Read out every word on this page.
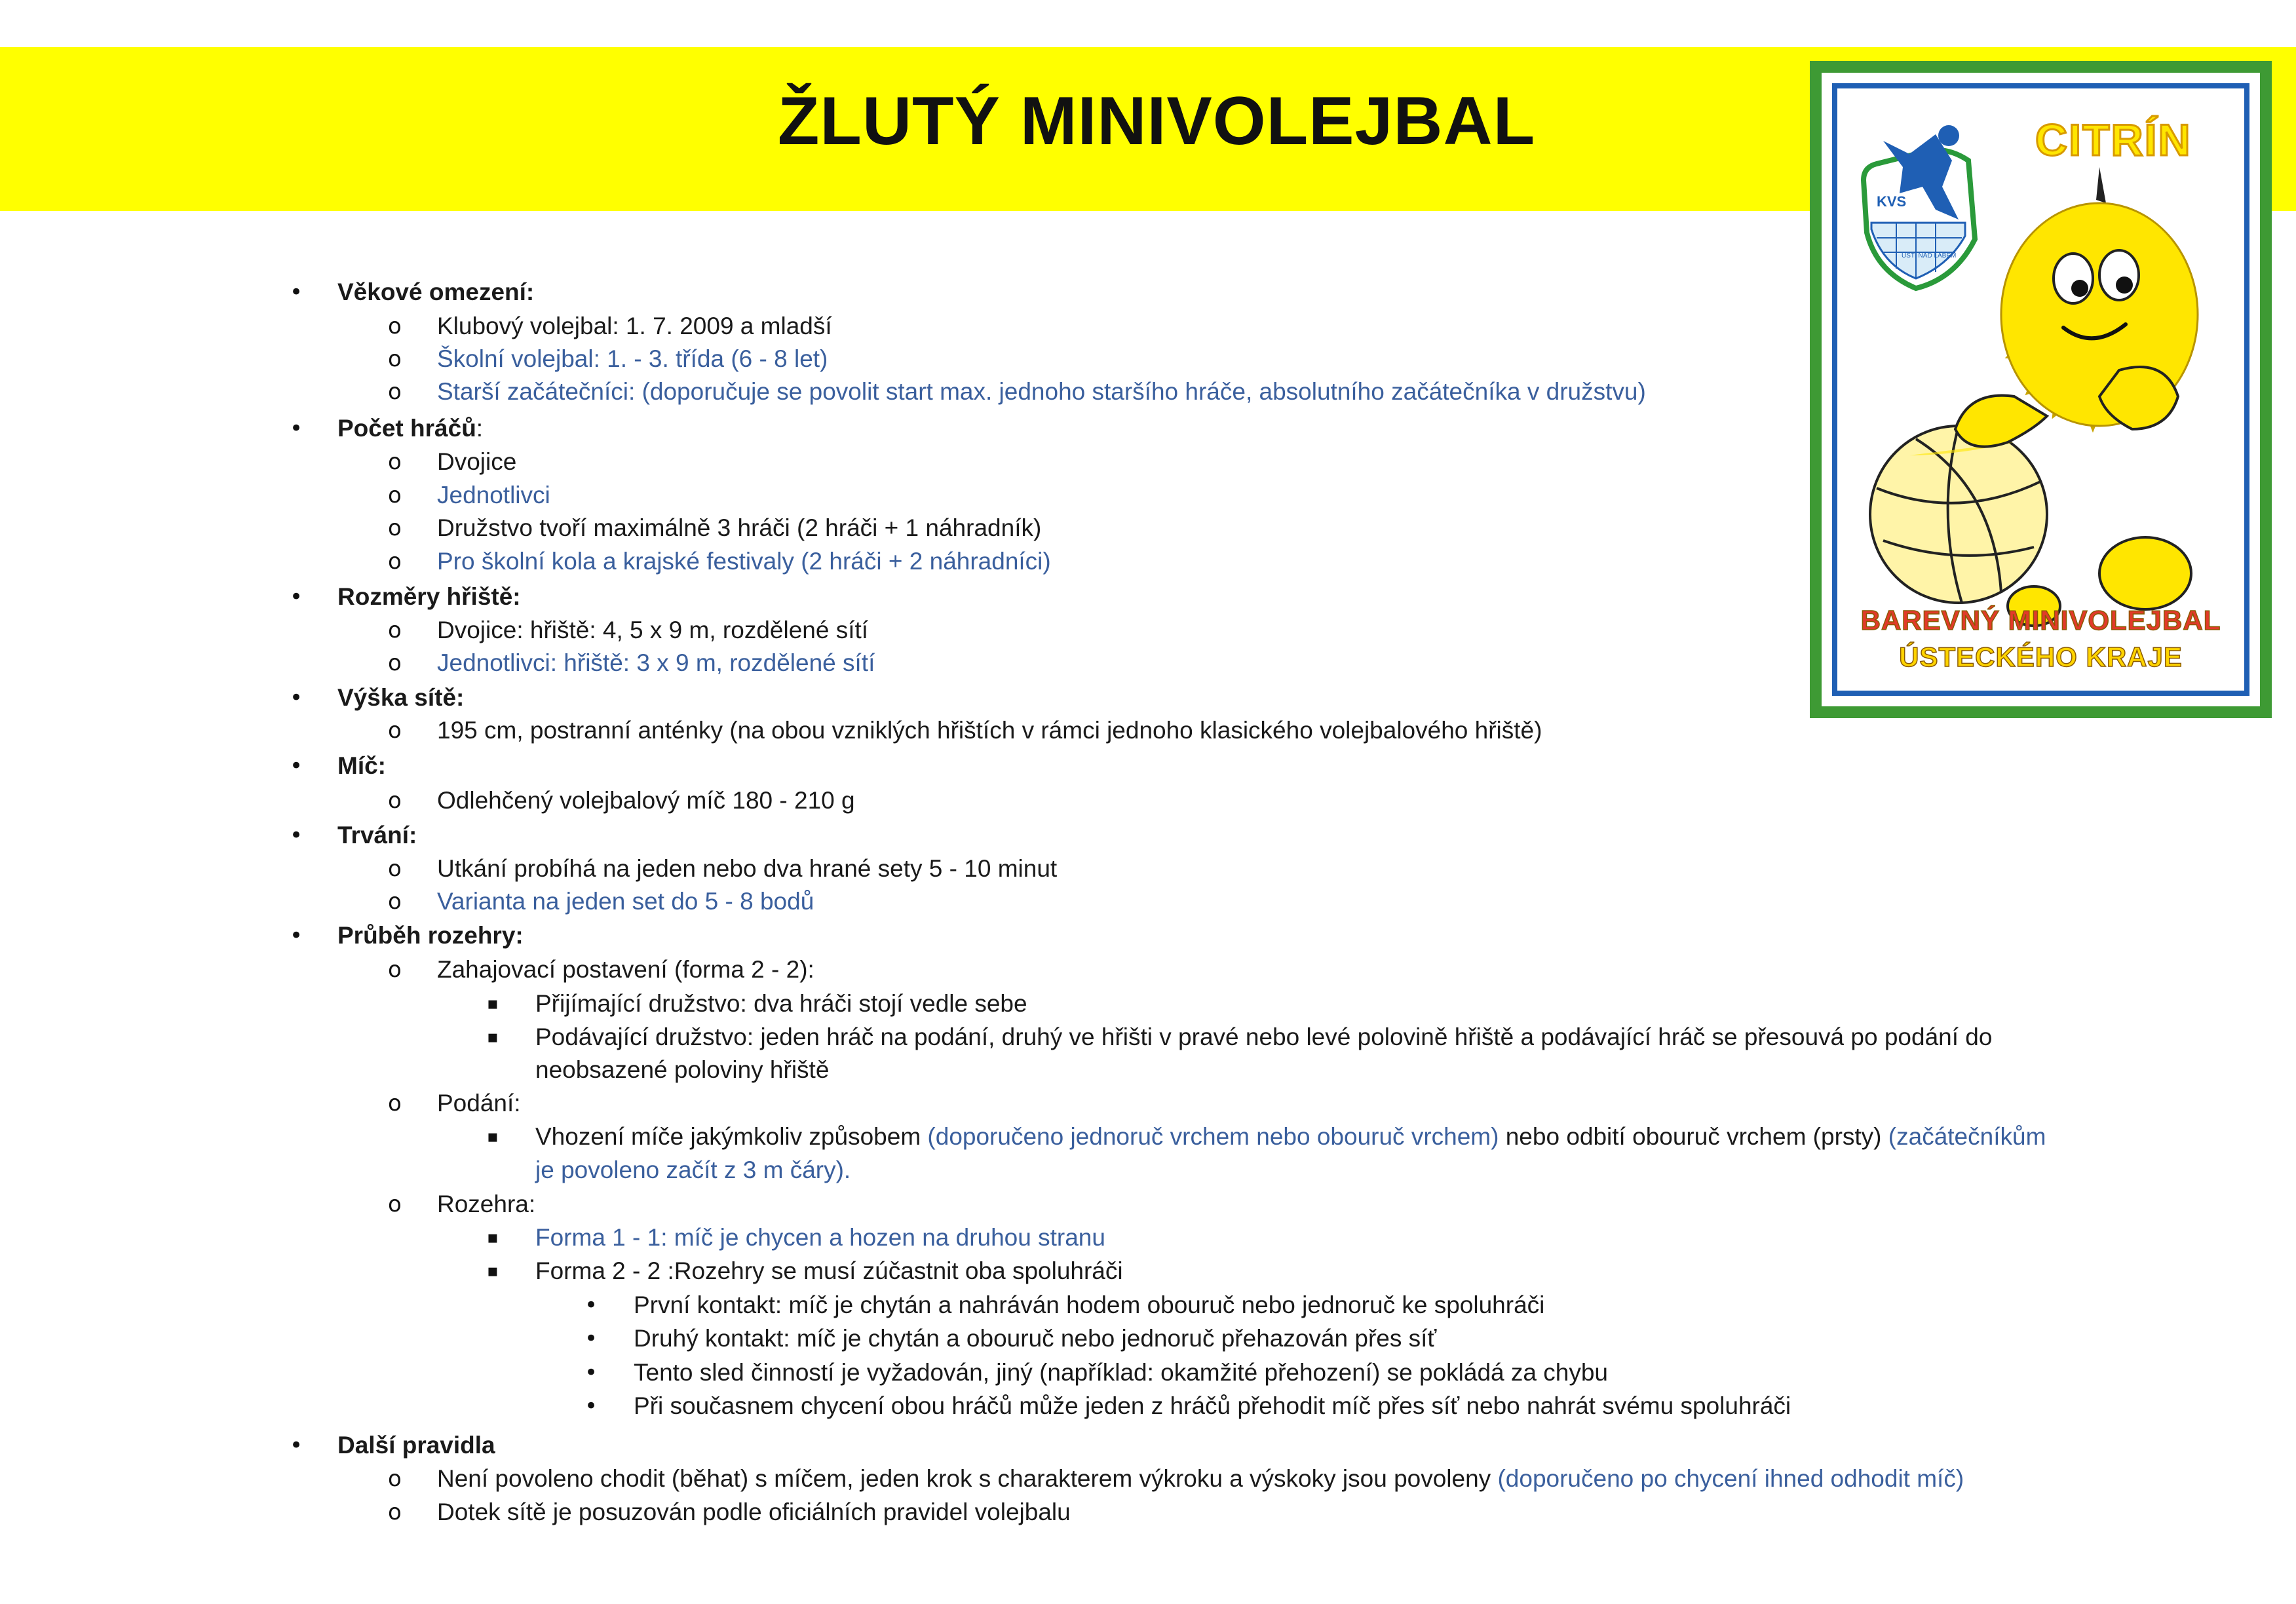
ŽLUTÝ MINIVOLEJBAL	CITRÍN
KVS
ÚSTÍ NAD LABEM
BAREVNÝ MINIVOLEJBAL
ÚSTECKÉHO KRAJE
• Věkové omezení:
o Klubový volejbal: 1. 7. 2009 a mladší
o Školní volejbal: 1. - 3. třída (6 - 8 let)
o Starší začátečníci: (doporučuje se povolit start max. jednoho staršího hráče, absolutního začátečníka v družstvu)
• Počet hráčů:
o Dvojice
o Jednotlivci
o Družstvo tvoří maximálně 3 hráči (2 hráči + 1 náhradník)
o Pro školní kola a krajské festivaly (2 hráči + 2 náhradníci)
• Rozměry hřiště:
o Dvojice: hřiště: 4, 5 x 9 m, rozdělené sítí
o Jednotlivci: hřiště: 3 x 9 m, rozdělené sítí
• Výška sítě:
o 195 cm, postranní anténky (na obou vzniklých hřištích v rámci jednoho klasického volejbalového hřiště)
• Míč:
o Odlehčený volejbalový míč 180 - 210 g
• Trvání:
o Utkání probíhá na jeden nebo dva hrané sety 5 - 10 minut
o Varianta na jeden set do 5 - 8 bodů
• Průběh rozehry:
o Zahajovací postavení (forma 2 - 2):
▪ Přijímající družstvo: dva hráči stojí vedle sebe
▪ Podávající družstvo: jeden hráč na podání, druhý ve hřišti v pravé nebo levé polovině hřiště a podávající hráč se přesouvá po podání do
neobsazené poloviny hřiště
o Podání:
▪ Vhození míče jakýmkoliv způsobem (doporučeno jednoruč vrchem nebo obouruč vrchem) nebo odbití obouruč vrchem (prsty) (začátečníkům
je povoleno začít z 3 m čáry).
o Rozehra:
▪ Forma 1 - 1: míč je chycen a hozen na druhou stranu
▪ Forma 2 - 2 :Rozehry se musí zúčastnit oba spoluhráči
• První kontakt: míč je chytán a nahráván hodem obouruč nebo jednoruč ke spoluhráči
• Druhý kontakt: míč je chytán a obouruč nebo jednoruč přehazován přes síť
• Tento sled činností je vyžadován, jiný (například: okamžité přehození) se pokládá za chybu
• Při současnem chycení obou hráčů může jeden z hráčů přehodit míč přes síť nebo nahrát svému spoluhráči
• Další pravidla
o Není povoleno chodit (běhat) s míčem, jeden krok s charakterem výkroku a výskoky jsou povoleny (doporučeno po chycení ihned odhodit míč)
o Dotek sítě je posuzován podle oficiálních pravidel volejbalu
